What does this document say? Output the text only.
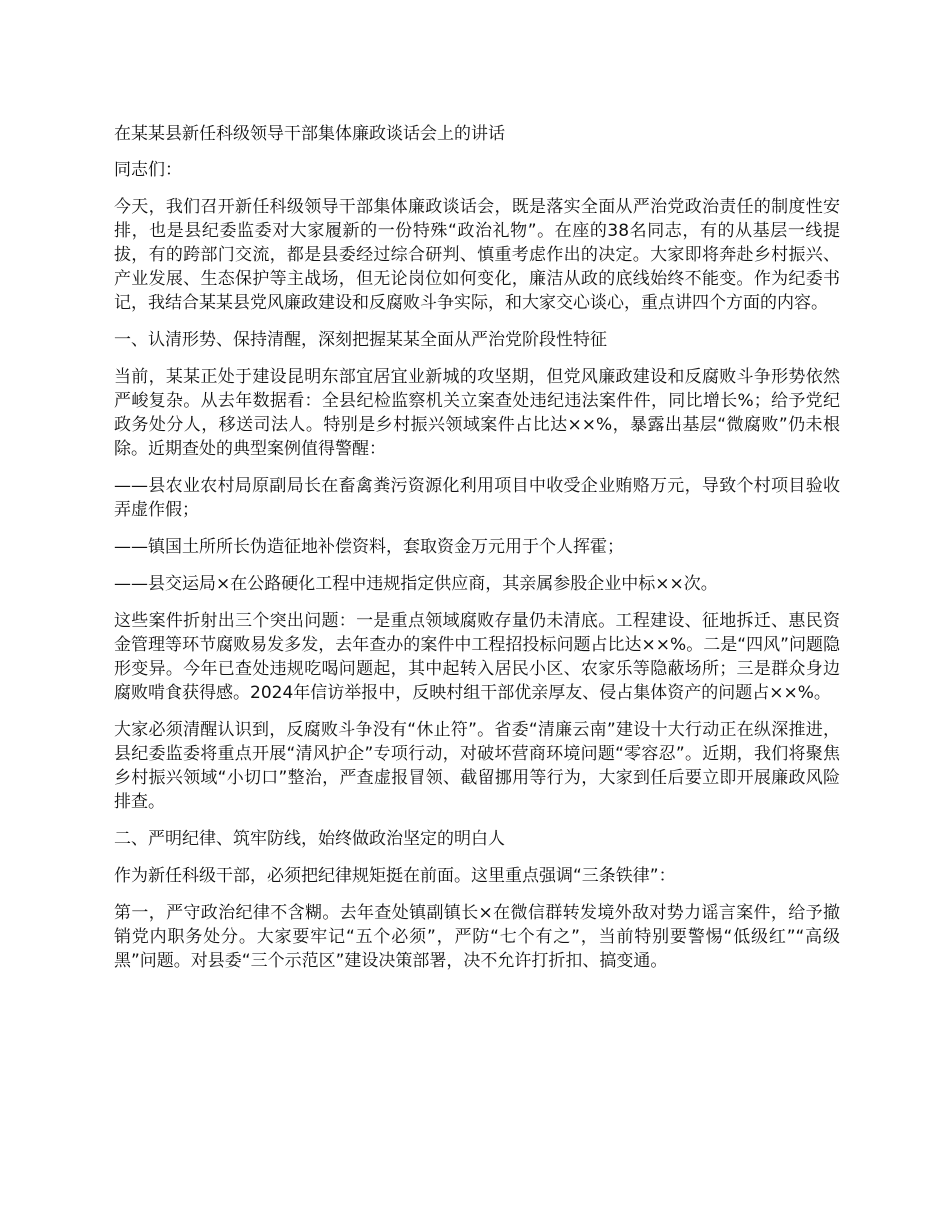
在某某县新任科级领导干部集体廉政谈话会上的讲话

同志们：

今天，我们召开新任科级领导干部集体廉政谈话会，既是落实全面从严治党政治责任的制度性安排，也是县纪委监委对大家履新的一份特殊“政治礼物”。在座的38名同志，有的从基层一线提拔，有的跨部门交流，都是县委经过综合研判、慎重考虑作出的决定。大家即将奔赴乡村振兴、产业发展、生态保护等主战场，但无论岗位如何变化，廉洁从政的底线始终不能变。作为纪委书记，我结合某某县党风廉政建设和反腐败斗争实际，和大家交心谈心，重点讲四个方面的内容。

一、认清形势、保持清醒，深刻把握某某全面从严治党阶段性特征

当前，某某正处于建设昆明东部宜居宜业新城的攻坚期，但党风廉政建设和反腐败斗争形势依然严峻复杂。从去年数据看：全县纪检监察机关立案查处违纪违法案件件，同比增长%；给予党纪政务处分人，移送司法人。特别是乡村振兴领域案件占比达××%，暴露出基层“微腐败”仍未根除。近期查处的典型案例值得警醒：

——县农业农村局原副局长在畜禽粪污资源化利用项目中收受企业贿赂万元，导致个村项目验收弄虚作假；

——镇国土所所长伪造征地补偿资料，套取资金万元用于个人挥霍；

——县交运局×在公路硬化工程中违规指定供应商，其亲属参股企业中标××次。

这些案件折射出三个突出问题：一是重点领域腐败存量仍未清底。工程建设、征地拆迁、惠民资金管理等环节腐败易发多发，去年查办的案件中工程招投标问题占比达××%。二是“四风”问题隐形变异。今年已查处违规吃喝问题起，其中起转入居民小区、农家乐等隐蔽场所；三是群众身边腐败啃食获得感。2024年信访举报中，反映村组干部优亲厚友、侵占集体资产的问题占××%。

大家必须清醒认识到，反腐败斗争没有“休止符”。省委“清廉云南”建设十大行动正在纵深推进，县纪委监委将重点开展“清风护企”专项行动，对破坏营商环境问题“零容忍”。近期，我们将聚焦乡村振兴领域“小切口”整治，严查虚报冒领、截留挪用等行为，大家到任后要立即开展廉政风险排查。

二、严明纪律、筑牢防线，始终做政治坚定的明白人

作为新任科级干部，必须把纪律规矩挺在前面。这里重点强调“三条铁律”：

第一，严守政治纪律不含糊。去年查处镇副镇长×在微信群转发境外敌对势力谣言案件，给予撤销党内职务处分。大家要牢记“五个必须”，严防“七个有之”，当前特别要警惕“低级红”“高级黑”问题。对县委“三个示范区”建设决策部署，决不允许打折扣、搞变通。
